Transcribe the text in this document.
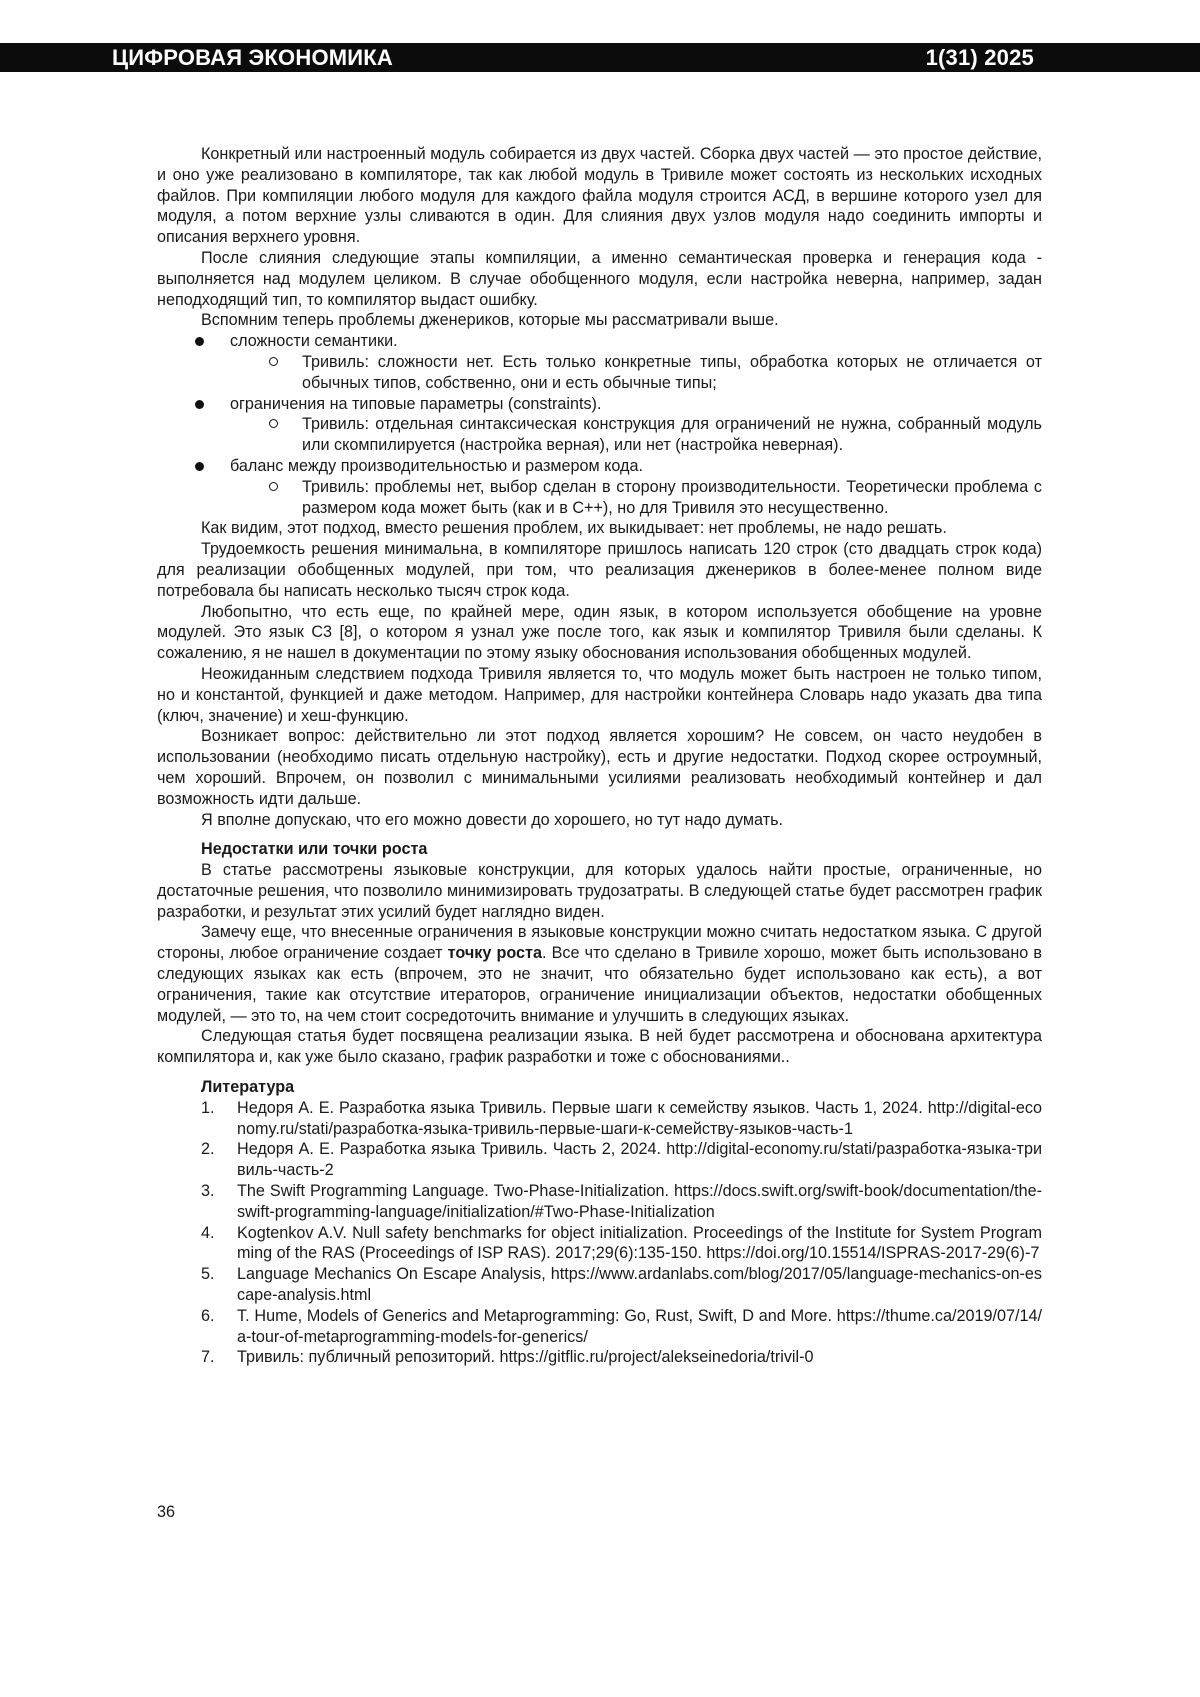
ЦИФРОВАЯ ЭКОНОМИКА	1(31) 2025

Конкретный или настроенный модуль собирается из двух частей. Сборка двух частей — это простое действие, и оно уже реализовано в компиляторе, так как любой модуль в Тривиле может состоять из нескольких исходных файлов. При компиляции любого модуля для каждого файла модуля строится АСД, в вершине которого узел для модуля, а потом верхние узлы сливаются в один. Для слияния двух узлов модуля надо соединить импорты и описания верхнего уровня.

После слияния следующие этапы компиляции, а именно семантическая проверка и генерация кода - выполняется над модулем целиком. В случае обобщенного модуля, если настройка неверна, например, задан неподходящий тип, то компилятор выдаст ошибку.

Вспомним теперь проблемы дженериков, которые мы рассматривали выше.

сложности семантики.
Тривиль: сложности нет. Есть только конкретные типы, обработка которых не отличается от обычных типов, собственно, они и есть обычные типы;
ограничения на типовые параметры (constraints).
Тривиль: отдельная синтаксическая конструкция для ограничений не нужна, собранный модуль или скомпилируется (настройка верная), или нет (настройка неверная).
баланс между производительностью и размером кода.
Тривиль: проблемы нет, выбор сделан в сторону производительности. Теоретически проблема с размером кода может быть (как и в С++), но для Тривиля это несущественно.

Как видим, этот подход, вместо решения проблем, их выкидывает: нет проблемы, не надо решать.

Трудоемкость решения минимальна, в компиляторе пришлось написать 120 строк (сто двадцать строк кода) для реализации обобщенных модулей, при том, что реализация дженериков в более-менее полном виде потребовала бы написать несколько тысяч строк кода.

Любопытно, что есть еще, по крайней мере, один язык, в котором используется обобщение на уровне модулей. Это язык С3 [8], о котором я узнал уже после того, как язык и компилятор Тривиля были сделаны. К сожалению, я не нашел в документации по этому языку обоснования использования обобщенных модулей.

Неожиданным следствием подхода Тривиля является то, что модуль может быть настроен не только типом, но и константой, функцией и даже методом. Например, для настройки контейнера Словарь надо указать два типа (ключ, значение) и хеш-функцию.

Возникает вопрос: действительно ли этот подход является хорошим? Не совсем, он часто неудобен в использовании (необходимо писать отдельную настройку), есть и другие недостатки. Подход скорее остроумный, чем хороший. Впрочем, он позволил с минимальными усилиями реализовать необходимый контейнер и дал возможность идти дальше.

Я вполне допускаю, что его можно довести до хорошего, но тут надо думать.

Недостатки или точки роста

В статье рассмотрены языковые конструкции, для которых удалось найти простые, ограниченные, но достаточные решения, что позволило минимизировать трудозатраты. В следующей статье будет рассмотрен график разработки, и результат этих усилий будет наглядно виден.

Замечу еще, что внесенные ограничения в языковые конструкции можно считать недостатком языка. С другой стороны, любое ограничение создает точку роста. Все что сделано в Тривиле хорошо, может быть использовано в следующих языках как есть (впрочем, это не значит, что обязательно будет использовано как есть), а вот ограничения, такие как отсутствие итераторов, ограничение инициализации объектов, недостатки обобщенных модулей, — это то, на чем стоит сосредоточить внимание и улучшить в следующих языках.

Следующая статья будет посвящена реализации языка. В ней будет рассмотрена и обоснована архитектура компилятора и, как уже было сказано, график разработки и тоже с обоснованиями..

Литература
1. Недоря А. Е. Разработка языка Тривиль. Первые шаги к семейству языков. Часть 1, 2024. http://digital-economy.ru/stati/разработка-языка-тривиль-первые-шаги-к-семейству-языков-часть-1
2. Недоря А. Е. Разработка языка Тривиль. Часть 2, 2024. http://digital-economy.ru/stati/разработка-языка-тривиль-часть-2
3. The Swift Programming Language. Two-Phase-Initialization. https://docs.swift.org/swift-book/documentation/the-swift-programming-language/initialization/#Two-Phase-Initialization
4. Kogtenkov A.V. Null safety benchmarks for object initialization. Proceedings of the Institute for System Programming of the RAS (Proceedings of ISP RAS). 2017;29(6):135-150. https://doi.org/10.15514/ISPRAS-2017-29(6)-7
5. Language Mechanics On Escape Analysis, https://www.ardanlabs.com/blog/2017/05/language-mechanics-on-escape-analysis.html
6. T. Hume, Models of Generics and Metaprogramming: Go, Rust, Swift, D and More. https://thume.ca/2019/07/14/a-tour-of-metaprogramming-models-for-generics/
7. Тривиль: публичный репозиторий. https://gitflic.ru/project/alekseinedoria/trivil-0
36
